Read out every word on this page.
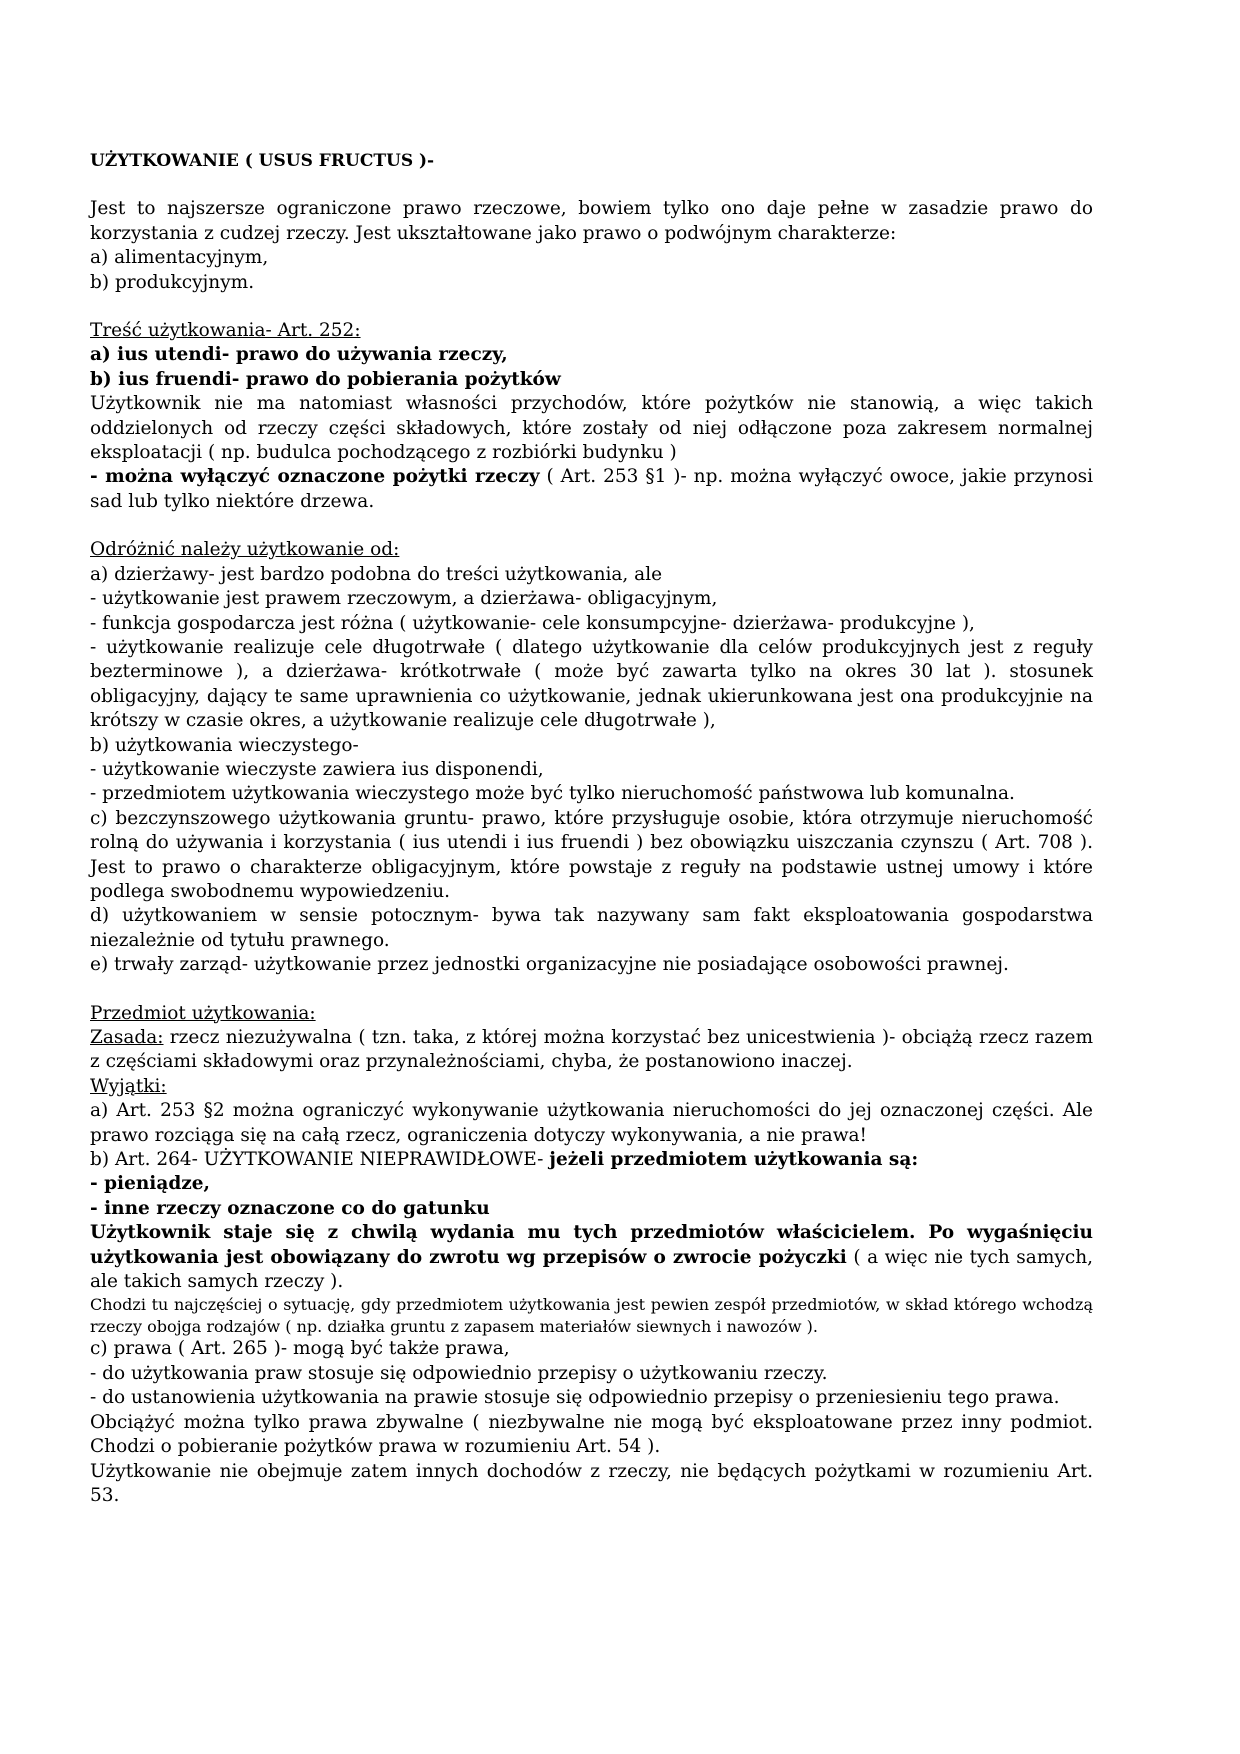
UŻYTKOWANIE ( USUS FRUCTUS )-

Jest to najszersze ograniczone prawo rzeczowe, bowiem tylko ono daje pełne w zasadzie prawo do korzystania z cudzej rzeczy. Jest ukształtowane jako prawo o podwójnym charakterze:

a) alimentacyjnym,

b) produkcyjnym.

Treść użytkowania- Art. 252:

a) ius utendi- prawo do używania rzeczy,

b) ius fruendi- prawo do pobierania pożytków

Użytkownik nie ma natomiast własności przychodów, które pożytków nie stanowią, a więc takich oddzielonych od rzeczy części składowych, które zostały od niej odłączone poza zakresem normalnej eksploatacji ( np. budulca pochodzącego z rozbiórki budynku )

- można wyłączyć oznaczone pożytki rzeczy ( Art. 253 §1 )- np. można wyłączyć owoce, jakie przynosi sad lub tylko niektóre drzewa.

Odróżnić należy użytkowanie od:

a) dzierżawy- jest bardzo podobna do treści użytkowania, ale

- użytkowanie jest prawem rzeczowym, a dzierżawa- obligacyjnym,

- funkcja gospodarcza jest różna ( użytkowanie- cele konsumpcyjne- dzierżawa- produkcyjne ),

- użytkowanie realizuje cele długotrwałe ( dlatego użytkowanie dla celów produkcyjnych jest z reguły bezterminowe ), a dzierżawa- krótkotrwałe ( może być zawarta tylko na okres 30 lat ). stosunek obligacyjny, dający te same uprawnienia co użytkowanie, jednak ukierunkowana jest ona produkcyjnie na krótszy w czasie okres, a użytkowanie realizuje cele długotrwałe ),

b) użytkowania wieczystego-

- użytkowanie wieczyste zawiera ius disponendi,

- przedmiotem użytkowania wieczystego może być tylko nieruchomość państwowa lub komunalna.

c) bezczynszowego użytkowania gruntu- prawo, które przysługuje osobie, która otrzymuje nieruchomość rolną do używania i korzystania ( ius utendi i ius fruendi ) bez obowiązku uiszczania czynszu ( Art. 708 ). Jest to prawo o charakterze obligacyjnym, które powstaje z reguły na podstawie ustnej umowy i które podlega swobodnemu wypowiedzeniu.

d) użytkowaniem w sensie potocznym- bywa tak nazywany sam fakt eksploatowania gospodarstwa niezależnie od tytułu prawnego.

e) trwały zarząd- użytkowanie przez jednostki organizacyjne nie posiadające osobowości prawnej.

Przedmiot użytkowania:

Zasada: rzecz niezużywalna ( tzn. taka, z której można korzystać bez unicestwienia )- obciążą rzecz razem z częściami składowymi oraz przynależnościami, chyba, że postanowiono inaczej.

Wyjątki:

a) Art. 253 §2 można ograniczyć wykonywanie użytkowania nieruchomości do jej oznaczonej części. Ale prawo rozciąga się na całą rzecz, ograniczenia dotyczy wykonywania, a nie prawa!

b) Art. 264- UŻYTKOWANIE NIEPRAWIDŁOWE- jeżeli przedmiotem użytkowania są:

- pieniądze,

- inne rzeczy oznaczone co do gatunku

Użytkownik staje się z chwilą wydania mu tych przedmiotów właścicielem. Po wygaśnięciu użytkowania jest obowiązany do zwrotu wg przepisów o zwrocie pożyczki ( a więc nie tych samych, ale takich samych rzeczy ).

Chodzi tu najczęściej o sytuację, gdy przedmiotem użytkowania jest pewien zespół przedmiotów, w skład którego wchodzą rzeczy obojga rodzajów ( np. działka gruntu z zapasem materiałów siewnych i nawozów ).

c) prawa ( Art. 265 )- mogą być także prawa,

- do użytkowania praw stosuje się odpowiednio przepisy o użytkowaniu rzeczy.

- do ustanowienia użytkowania na prawie stosuje się odpowiednio przepisy o przeniesieniu tego prawa.

Obciążyć można tylko prawa zbywalne ( niezbywalne nie mogą być eksploatowane przez inny podmiot. Chodzi o pobieranie pożytków prawa w rozumieniu Art. 54 ).

Użytkowanie nie obejmuje zatem innych dochodów z rzeczy, nie będących pożytkami w rozumieniu Art. 53.
